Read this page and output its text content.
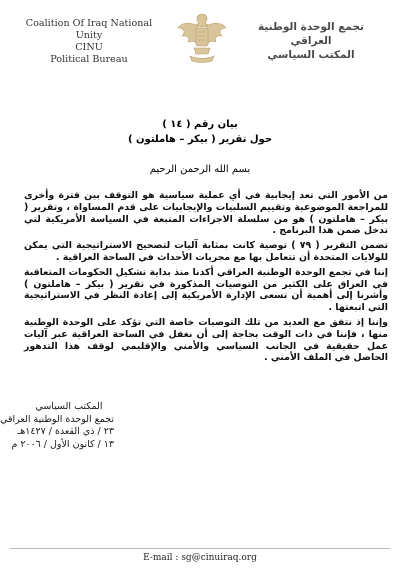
Coalition Of Iraq National Unity
CINU
Political Bureau
تجمع الوحدة الوطنية العراقي
المكتب السياسي
بيان رقم ( ١٤ )
حول تقرير ( بيكر – هاملتون )
بسم الله الرحمن الرحيم

من الأمور التي تعد إيجابية في أي عملية سياسية هو التوقف بين فترة وأخرى للمراجعة الموضوعية وتقييم السلبيات والإيجابيات على قدم المساواة ، وتقرير ( بيكر – هاملتون ) هو من سلسلة الاجراءات المتبعة في السياسة الأمريكية لتي تدخل ضمن هذا البرنامج .

تضمن التقرير ( ٧٩ ) توصية كانت بمثابة آليات لتصحيح الاستراتيجية التي يمكن للولايات المتحدة أن تتعامل بها مع مجريات الأحداث في الساحة العراقية .

إننا في تجمع الوحدة الوطنية العراقي أكدنا منذ بداية تشكيل الحكومات المتعاقبة في العراق على الكثير من التوصيات المذكورة في تقرير ( بيكر – هاملتون ) وأشرنا إلى أهمية أن تسعى الإدارة الأمريكية إلى إعادة النظر في الاستراتيجية التي اتبعتها .

وإننا إذ نتفق مع العديد من تلك التوصيات خاصة التي تؤكد على الوحدة الوطنية منها ، فإننا في ذات الوقت بحاجة إلى أن نغفل في الساحة العراقية عبر آليات عمل حقيقية في الجانب السياسي والأمني والإقليمي لوقف هذا التدهور الحاصل في الملف الأمني .

المكتب السياسي
تجمع الوحدة الوطنية العراقي
٢٣ / ذي القعدة / ١٤٢٧هـ
١٣ / كانون الأول / ٢٠٠٦ م
E-mail : sg@cinuiraq.org
